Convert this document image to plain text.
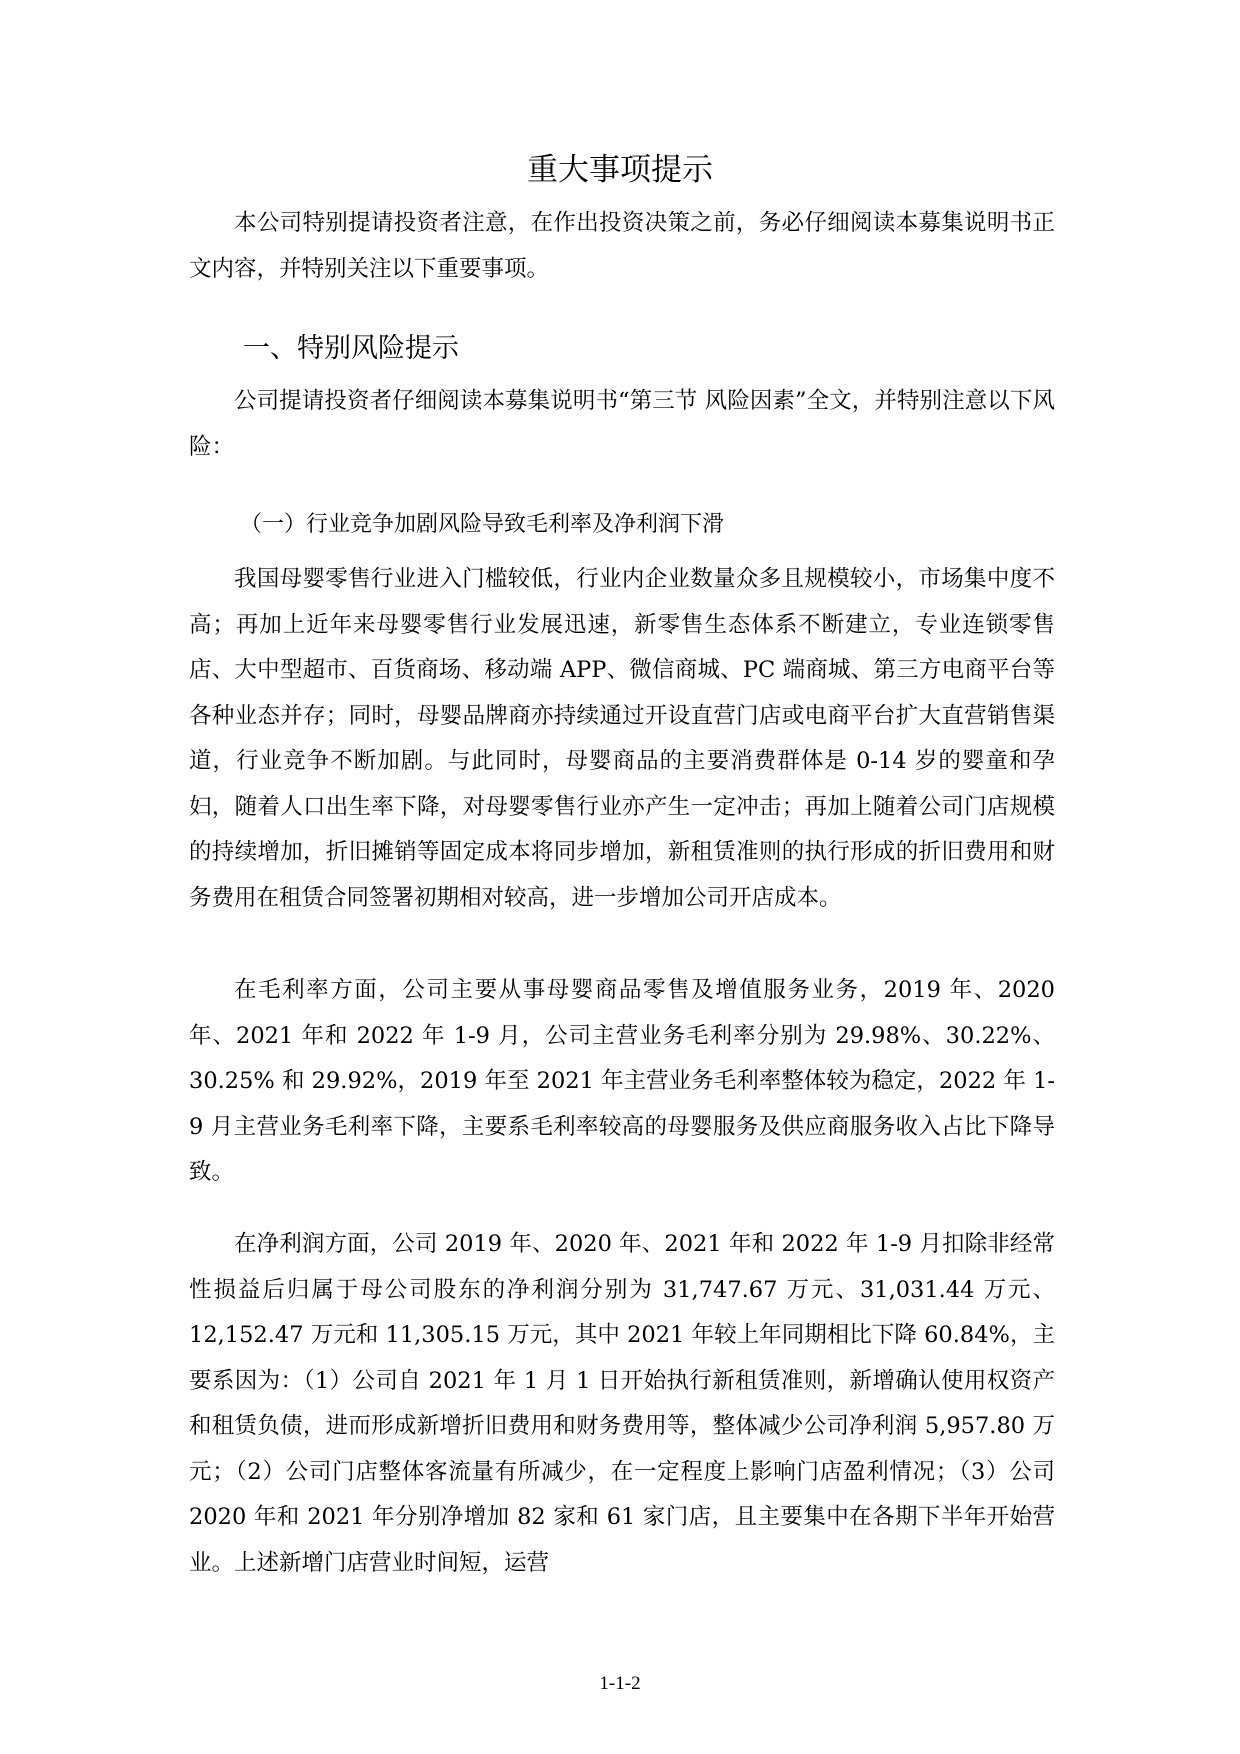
重大事项提示

本公司特别提请投资者注意，在作出投资决策之前，务必仔细阅读本募集说明书正文内容，并特别关注以下重要事项。

一、特别风险提示

公司提请投资者仔细阅读本募集说明书“第三节 风险因素”全文，并特别注意以下风险：

（一）行业竞争加剧风险导致毛利率及净利润下滑

我国母婴零售行业进入门槛较低，行业内企业数量众多且规模较小，市场集中度不高；再加上近年来母婴零售行业发展迅速，新零售生态体系不断建立，专业连锁零售店、大中型超市、百货商场、移动端 APP、微信商城、PC 端商城、第三方电商平台等各种业态并存；同时，母婴品牌商亦持续通过开设直营门店或电商平台扩大直营销售渠道，行业竞争不断加剧。与此同时，母婴商品的主要消费群体是 0-14 岁的婴童和孕妇，随着人口出生率下降，对母婴零售行业亦产生一定冲击；再加上随着公司门店规模的持续增加，折旧摊销等固定成本将同步增加，新租赁准则的执行形成的折旧费用和财务费用在租赁合同签署初期相对较高，进一步增加公司开店成本。

在毛利率方面，公司主要从事母婴商品零售及增值服务业务，2019 年、2020 年、2021 年和 2022 年 1-9 月，公司主营业务毛利率分别为 29.98%、30.22%、30.25% 和 29.92%，2019 年至 2021 年主营业务毛利率整体较为稳定，2022 年 1-9 月主营业务毛利率下降，主要系毛利率较高的母婴服务及供应商服务收入占比下降导致。

在净利润方面，公司 2019 年、2020 年、2021 年和 2022 年 1-9 月扣除非经常性损益后归属于母公司股东的净利润分别为 31,747.67 万元、31,031.44 万元、 12,152.47 万元和 11,305.15 万元，其中 2021 年较上年同期相比下降 60.84%，主要系因为：（1）公司自 2021 年 1 月 1 日开始执行新租赁准则，新增确认使用权资产和租赁负债，进而形成新增折旧费用和财务费用等，整体减少公司净利润 5,957.80 万元；（2）公司门店整体客流量有所减少，在一定程度上影响门店盈利情况；（3）公司 2020 年和 2021 年分别净增加 82 家和 61 家门店，且主要集中在各期下半年开始营业。上述新增门店营业时间短，运营

1-1-2
